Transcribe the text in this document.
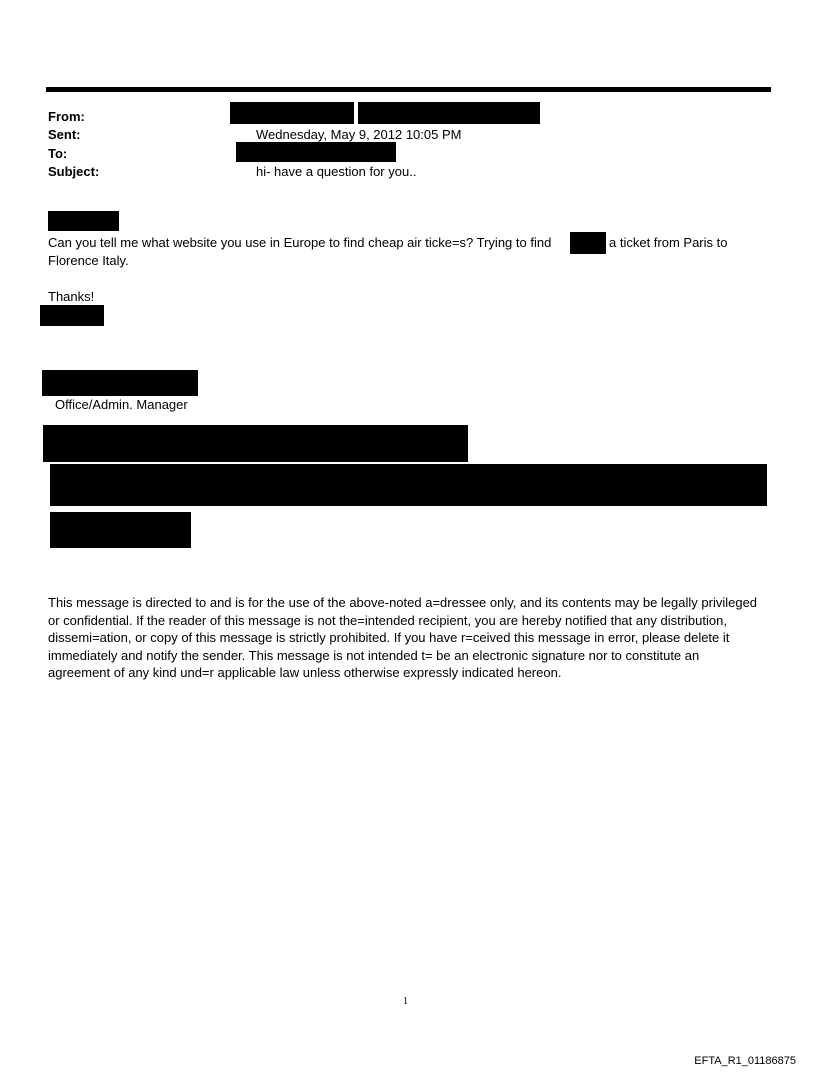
From:
Sent:	Wednesday, May 9, 2012 10:05 PM
To:
Subject:	hi- have a question for you..
Can you tell me what website you use in Europe to find cheap air ticke=s? Trying to find	a ticket from Paris to
Florence Italy.
Thanks!
Office/Admin. Manager
This message is directed to and is for the use of the above-noted a=dressee only, and its contents may be legally privileged or confidential. If the reader of this message is not the=intended recipient, you are hereby notified that any distribution, dissemi=ation, or copy of this message is strictly prohibited. If you have r=ceived this message in error, please delete it immediately and notify the sender. This message is not intended t= be an electronic signature nor to constitute an agreement of any kind und=r applicable law unless otherwise expressly indicated hereon.
1
EFTA_R1_01186875
